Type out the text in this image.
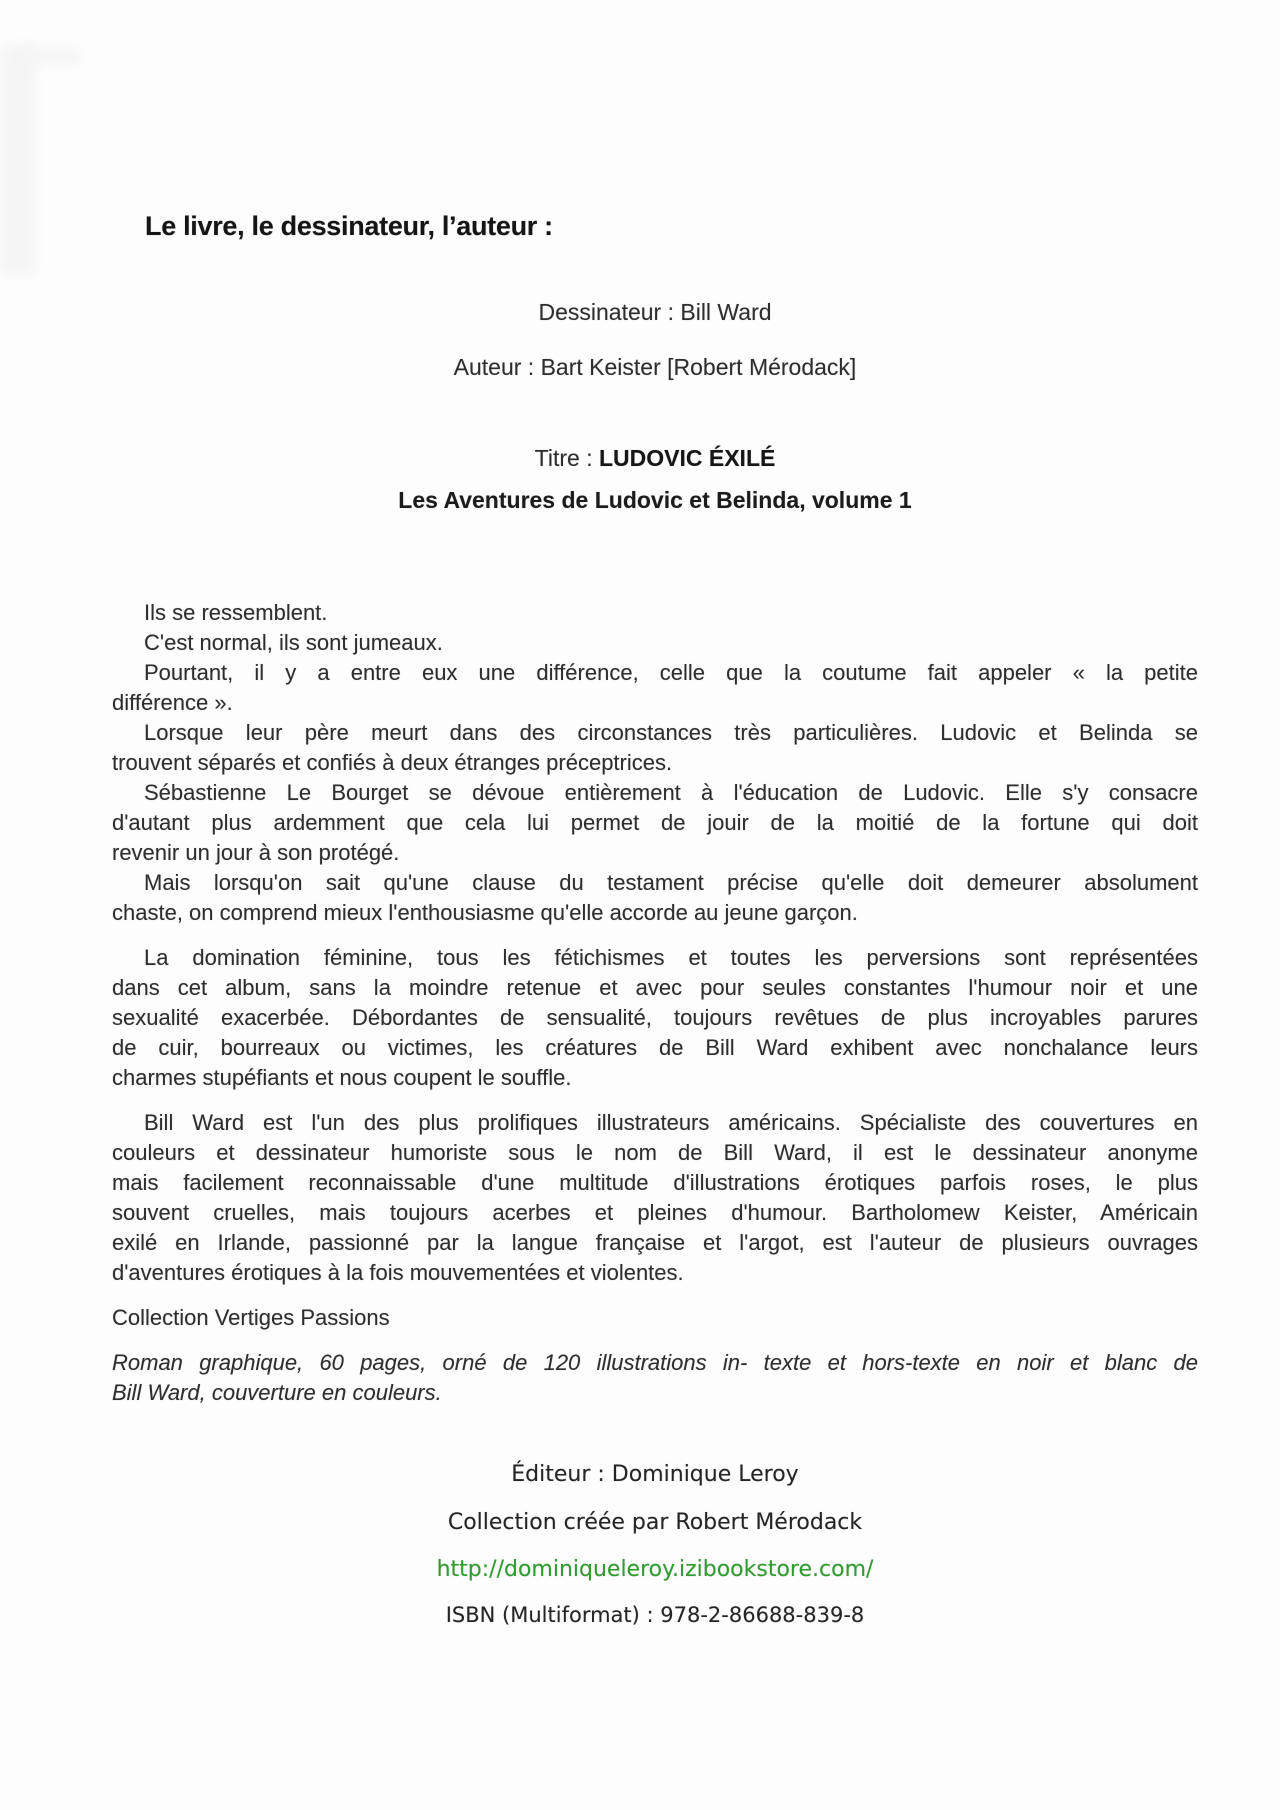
Le livre, le dessinateur, l’auteur :

Dessinateur : Bill Ward

Auteur : Bart Keister [Robert Mérodack]

Titre : LUDOVIC ÉXILÉ

Les Aventures de Ludovic et Belinda, volume 1

Ils se ressemblent.
C'est normal, ils sont jumeaux.
Pourtant, il y a entre eux une différence, celle que la coutume fait appeler « la petite
différence ».
Lorsque leur père meurt dans des circonstances très particulières. Ludovic et Belinda se
trouvent séparés et confiés à deux étranges préceptrices.
Sébastienne Le Bourget se dévoue entièrement à l'éducation de Ludovic. Elle s'y consacre
d'autant plus ardemment que cela lui permet de jouir de la moitié de la fortune qui doit
revenir un jour à son protégé.
Mais lorsqu'on sait qu'une clause du testament précise qu'elle doit demeurer absolument
chaste, on comprend mieux l'enthousiasme qu'elle accorde au jeune garçon.
La domination féminine, tous les fétichismes et toutes les perversions sont représentées
dans cet album, sans la moindre retenue et avec pour seules constantes l'humour noir et une
sexualité exacerbée. Débordantes de sensualité, toujours revêtues de plus incroyables parures
de cuir, bourreaux ou victimes, les créatures de Bill Ward exhibent avec nonchalance leurs
charmes stupéfiants et nous coupent le souffle.
Bill Ward est l'un des plus prolifiques illustrateurs américains. Spécialiste des couvertures en
couleurs et dessinateur humoriste sous le nom de Bill Ward, il est le dessinateur anonyme
mais facilement reconnaissable d'une multitude d'illustrations érotiques parfois roses, le plus
souvent cruelles, mais toujours acerbes et pleines d'humour. Bartholomew Keister, Américain
exilé en Irlande, passionné par la langue française et l'argot, est l'auteur de plusieurs ouvrages
d'aventures érotiques à la fois mouvementées et violentes.
Collection Vertiges Passions
Roman graphique, 60 pages, orné de 120 illustrations in- texte et hors-texte en noir et blanc de
Bill Ward, couverture en couleurs.

Éditeur : Dominique Leroy

Collection créée par Robert Mérodack

http://dominiqueleroy.izibookstore.com/

ISBN (Multiformat) : 978-2-86688-839-8
